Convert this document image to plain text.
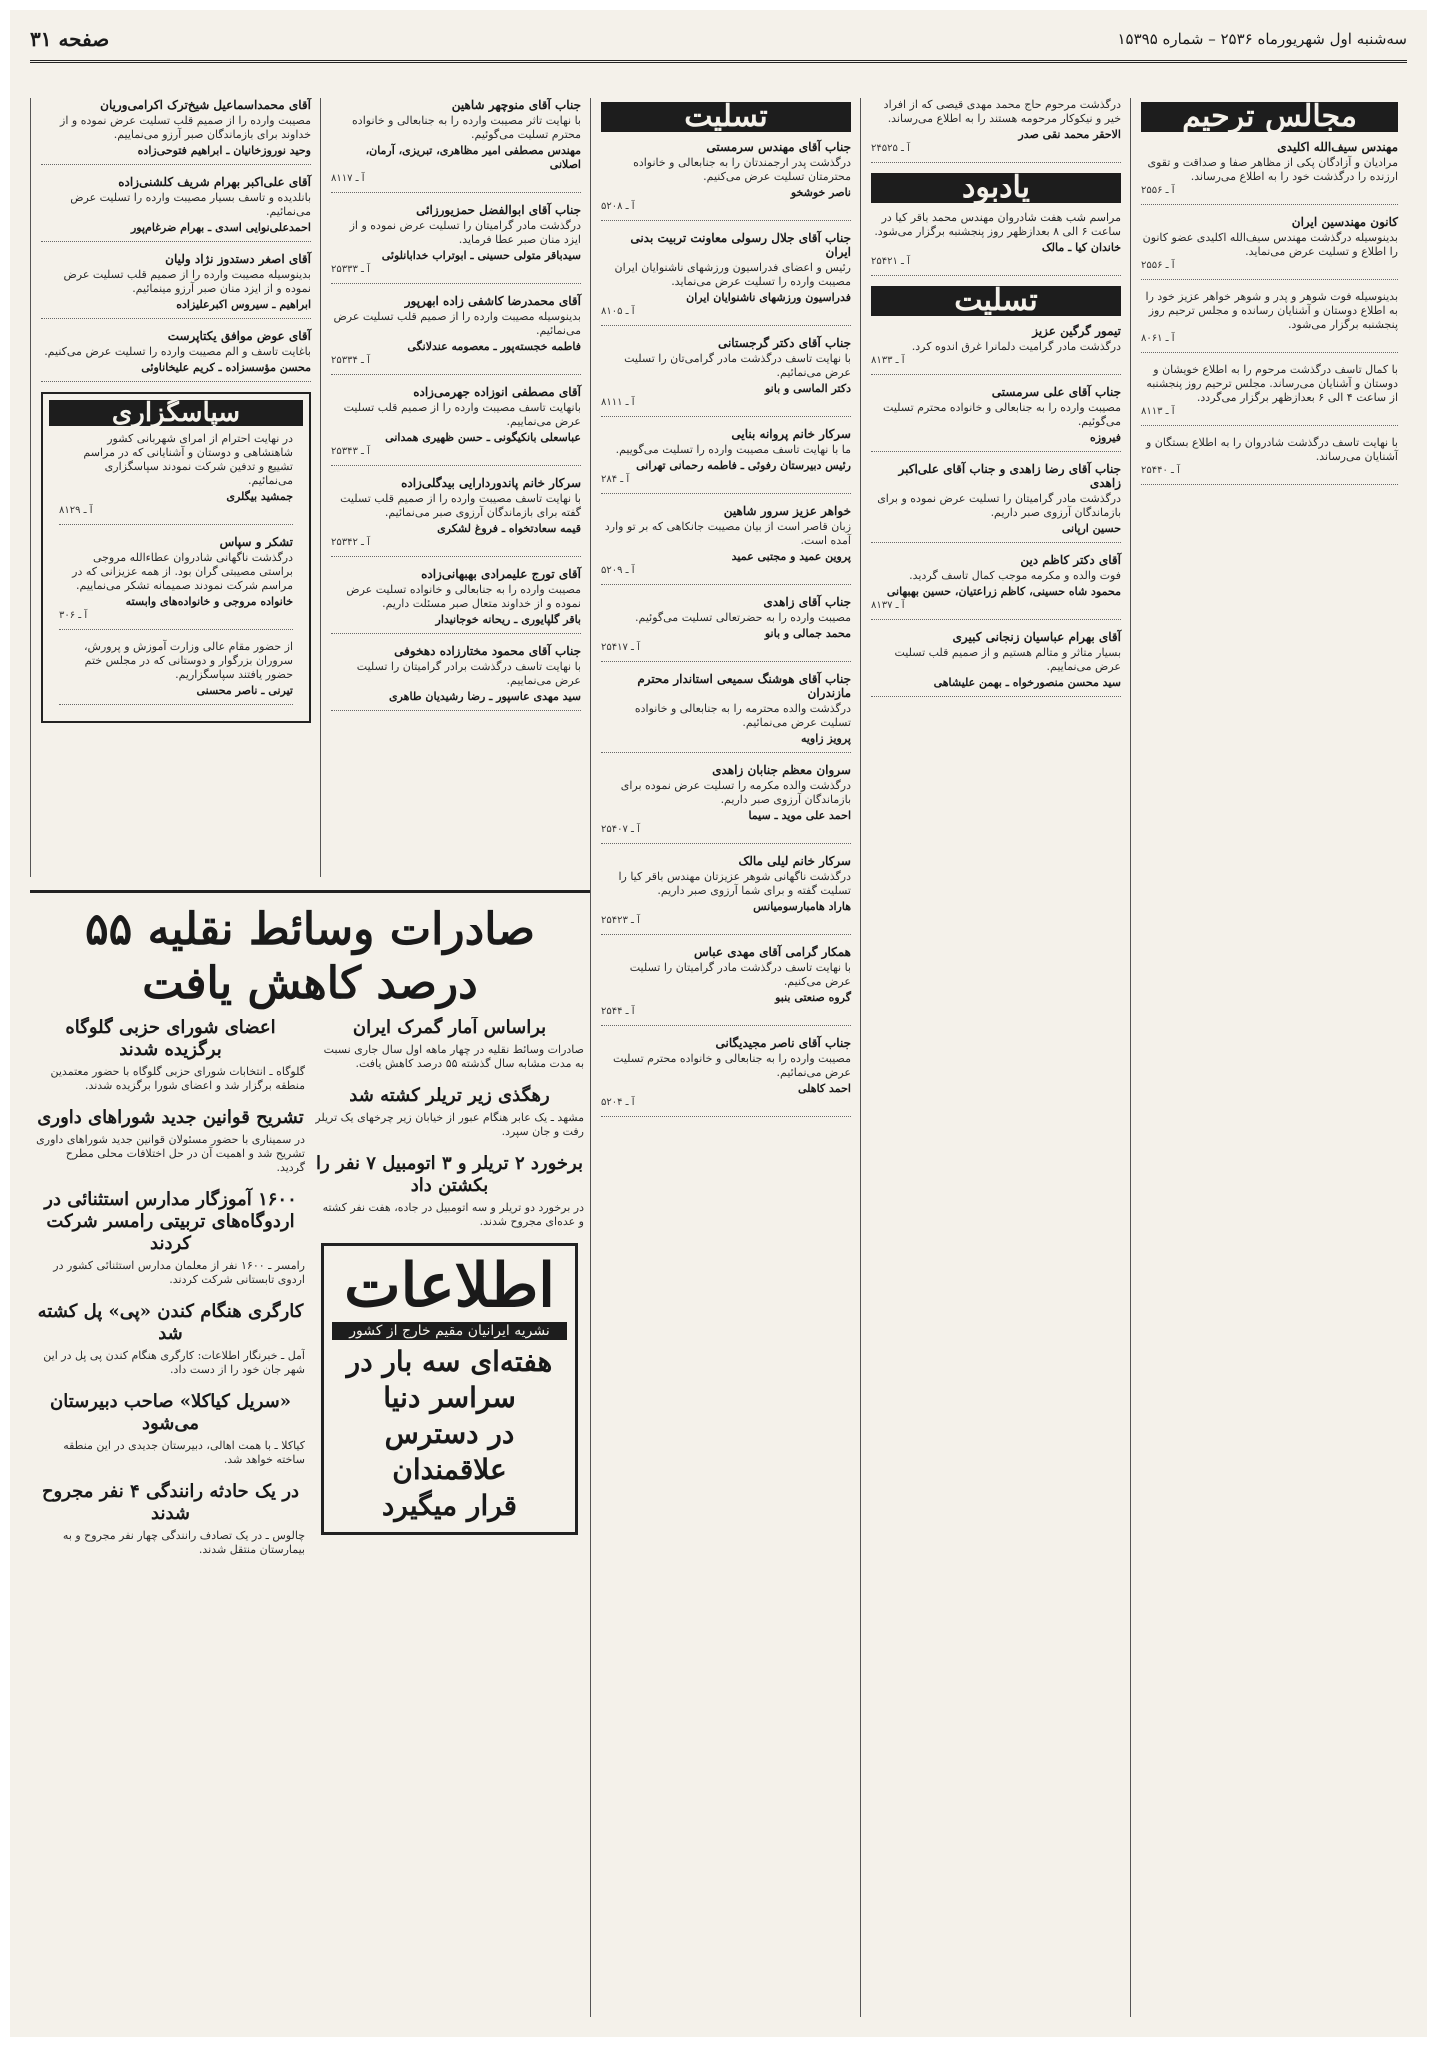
صفحه ۳۱	سه‌شنبه اول شهریورماه ۲۵۳۶ – شماره ۱۵۳۹۵
آقای محمداسماعیل شیخ‌ترک اکرامی‌وریان
مصیبت وارده را از صمیم قلب تسلیت عرض نموده و از خداوند برای بازماندگان صبر آرزو می‌نماییم.
وحید نوروزخانیان ـ ابراهیم فتوحی‌زاده
آقای علی‌اکبر بهرام شریف کلشنی‌زاده
بانلدیده و تاسف بسیار مصیبت وارده را تسلیت عرض می‌نمائیم.
احمدعلی‌نوایی اسدی ـ بهرام ضرغام‌پور
آقای اصغر دستدوز نژاد ولیان
بدینوسیله مصیبت وارده را از صمیم قلب تسلیت عرض نموده و از ایزد منان صبر آرزو مینمائیم.
ابراهیم ـ سیروس اکبرعلیزاده
آقای عوض موافق یکتاپرست
باغایت تاسف و الم مصیبت وارده را تسلیت عرض می‌کنیم.
محسن مؤسسزاده ـ کریم علیخاناوئی
سپاسگزاری
در نهایت احترام از امرای شهربانی کشور شاهنشاهی و دوستان و آشنایانی که در مراسم تشییع و تدفین شرکت نمودند سپاسگزاری می‌نمائیم.
جمشید بیگلری
آ ـ ۸۱۲۹
تشکر و سپاس
درگذشت ناگهانی شادروان عطاءالله مروجی براستی مصیبتی گران بود. از همه عزیزانی که در مراسم شرکت نمودند صمیمانه تشکر می‌نماییم.
خانواده مروجی و خانواده‌های وابسته
آ ـ ۳۰۶
از حضور مقام عالی وزارت آموزش و پرورش، سروران بزرگوار و دوستانی که در مجلس ختم حضور یافتند سپاسگزاریم.
تیرنی ـ ناصر محسنی
جناب آقای منوچهر شاهین
با نهایت تاثر مصیبت وارده را به جنابعالی و خانواده محترم تسلیت می‌گوئیم.
مهندس مصطفی امیر مظاهری، تبریزی، آرمان، اصلانی
آ ـ ۸۱۱۷
جناب آقای ابوالفضل حمزیورزائی
درگذشت مادر گرامیتان را تسلیت عرض نموده و از ایزد منان صبر عطا فرماید.
سیدباقر متولی حسینی ـ ابوتراب خدابانلوئی
آ ـ ۲۵۳۳۳
آقای محمدرضا کاشفی زاده ابهرپور
بدینوسیله مصیبت وارده را از صمیم قلب تسلیت عرض می‌نمائیم.
فاطمه خجسته‌پور ـ معصومه عندلانگی
آ ـ ۲۵۳۳۴
آقای مصطفی انوزاده جهرمی‌زاده
بانهایت تاسف مصیبت وارده را از صمیم قلب تسلیت عرض می‌نماییم.
عباسعلی بانکیگونی ـ حسن ظهیری همدانی
آ ـ ۲۵۳۴۳
سرکار خانم پاندوردارایی بیدگلی‌زاده
با نهایت تاسف مصیبت وارده را از صمیم قلب تسلیت گفته برای بازماندگان آرزوی صبر می‌نمائیم.
قیمه سعادتخواه ـ فروغ لشکری
آ ـ ۲۵۳۴۲
آقای تورج علیمرادی بهبهانی‌زاده
مصیبت وارده را به جنابعالی و خانواده تسلیت عرض نموده و از خداوند متعال صبر مسئلت داریم.
باقر گلپایوری ـ ریحانه خوجانیدار
جناب آقای محمود مختارزاده دهخوفی
با نهایت تاسف درگذشت برادر گرامیتان را تسلیت عرض می‌نماییم.
سید مهدی عاسپور ـ رضا رشیدیان طاهری
تسلیت
جناب آقای مهندس سرمستی
درگذشت پدر ارجمندتان را به جنابعالی و خانواده محترمتان تسلیت عرض می‌کنیم.
ناصر خوشخو
آ ـ ۵۲۰۸
جناب آقای جلال رسولی معاونت تربیت بدنی ایران
رئیس و اعضای فدراسیون ورزشهای ناشنوایان ایران مصیبت وارده را تسلیت عرض می‌نماید.
فدراسیون ورزشهای ناشنوایان ایران
آ ـ ۸۱۰۵
جناب آقای دکتر گرجستانی
با نهایت تاسف درگذشت مادر گرامی‌تان را تسلیت عرض می‌نمائیم.
دکتر الماسی و بانو
آ ـ ۸۱۱۱
سرکار خانم پروانه بنایی
ما با نهایت تاسف مصیبت وارده را تسلیت می‌گوییم.
رئیس دبیرستان رفوئی ـ فاطمه رحمانی تهرانی
آ ـ ۲۸۴
خواهر عزیز سرور شاهین
زبان قاصر است از بیان مصیبت جانکاهی که بر تو وارد آمده است.
پروین عمید و مجتبی عمید
آ ـ ۵۲۰۹
جناب آقای زاهدی
مصیبت وارده را به حضرتعالی تسلیت می‌گوئیم.
محمد جمالی و بانو
آ ـ ۲۵۴۱۷
جناب آقای هوشنگ سمیعی استاندار محترم مازندران
درگذشت والده محترمه را به جنابعالی و خانواده تسلیت عرض می‌نمائیم.
پرویز زاویه
سروان معظم جنابان زاهدی
درگذشت والده مکرمه را تسلیت عرض نموده برای بازماندگان آرزوی صبر داریم.
احمد علی موید ـ سیما
آ ـ ۲۵۴۰۷
سرکار خانم لیلی مالک
درگذشت ناگهانی شوهر عزیزتان مهندس باقر کیا را تسلیت گفته و برای شما آرزوی صبر داریم.
هاراد هامبارسومیانس
آ ـ ۲۵۴۲۳
همکار گرامی آقای مهدی عباس
با نهایت تاسف درگذشت مادر گرامیتان را تسلیت عرض می‌کنیم.
گروه صنعتی بنبو
آ ـ ۲۵۴۴
جناب آقای ناصر مجیدیگانی
مصیبت وارده را به جنابعالی و خانواده محترم تسلیت عرض می‌نمائیم.
احمد کاهلی
آ ـ ۵۲۰۴
درگذشت مرحوم حاج محمد مهدی قیصی که از افراد خیر و نیکوکار مرحومه هستند را به اطلاع می‌رساند.
الاحقر محمد نقی صدر
آ ـ ۲۴۵۲۵
یادبود
مراسم شب هفت شادروان مهندس محمد باقر کیا در ساعت ۶ الی ۸ بعدازظهر روز پنجشنبه برگزار می‌شود.
خاندان کیا ـ مالک
آ ـ ۲۵۴۲۱
تسلیت
تیمور گرگین عزیز
درگذشت مادر گرامیت دلمانرا غرق اندوه کرد.
آ ـ ۸۱۳۳
جناب آقای علی سرمستی
مصیبت وارده را به جنابعالی و خانواده محترم تسلیت می‌گوئیم.
فیروزه
جناب آقای رضا زاهدی و جناب آقای علی‌اکبر زاهدی
درگذشت مادر گرامیتان را تسلیت عرض نموده و برای بازماندگان آرزوی صبر داریم.
حسین ارپانی
آقای دکتر کاظم دین
فوت والده و مکرمه موجب کمال تاسف گردید.
محمود شاه حسینی، کاظم زراعتیان، حسین بهبهانی
آ ـ ۸۱۳۷
آقای بهرام عباسیان زنجانی کبیری
بسیار متاثر و متالم هستیم و از صمیم قلب تسلیت عرض می‌نماییم.
سید محسن منصورخواه ـ بهمن علیشاهی
مجالس ترحیم
مهندس سیف‌الله اکلیدی
مرادیان و آزادگان پکی از مظاهر صفا و صداقت و تقوی ارزنده را درگذشت خود را به اطلاع می‌رساند.
آ ـ ۲۵۵۶
کانون مهندسین ایران
بدینوسیله درگذشت مهندس سیف‌الله اکلیدی عضو کانون را اطلاع و تسلیت عرض می‌نماید.
آ ـ ۲۵۵۶
بدینوسیله فوت شوهر و پدر و شوهر خواهر عزیز خود را به اطلاع دوستان و آشنایان رسانده و مجلس ترحیم روز پنجشنبه برگزار می‌شود.
آ ـ ۸۰۶۱
با کمال تاسف درگذشت مرحوم را به اطلاع خویشان و دوستان و آشنایان می‌رساند. مجلس ترحیم روز پنجشنبه از ساعت ۴ الی ۶ بعدازظهر برگزار می‌گردد.
آ ـ ۸۱۱۳
با نهایت تاسف درگذشت شادروان را به اطلاع بستگان و آشنایان می‌رساند.
آ ـ ۲۵۴۴۰
صادرات وسائط نقلیه ۵۵ درصد کاهش یافت
براساس آمار گمرک ایران
صادرات وسائط نقلیه در چهار ماهه اول سال جاری نسبت به مدت مشابه سال گذشته ۵۵ درصد کاهش یافت.
رهگذی زیر تریلر کشته شد
مشهد ـ یک عابر هنگام عبور از خیابان زیر چرخهای یک تریلر رفت و جان سپرد.
برخورد ۲ تریلر و ۳ اتومبیل ۷ نفر را بکشتن داد
در برخورد دو تریلر و سه اتومبیل در جاده، هفت نفر کشته و عده‌ای مجروح شدند.
اطلاعات
نشریه ایرانیان مقیم خارج از کشور
هفته‌ای سه بار در سراسر دنیا
در دسترس علاقمندان
قرار میگیرد
اعضای شورای حزبی گلوگاه برگزیده شدند
گلوگاه ـ انتخابات شورای حزبی گلوگاه با حضور معتمدین منطقه برگزار شد و اعضای شورا برگزیده شدند.
تشریح قوانین جدید شوراهای داوری
در سمیناری با حضور مسئولان قوانین جدید شوراهای داوری تشریح شد و اهمیت آن در حل اختلافات محلی مطرح گردید.
۱۶۰۰ آموزگار مدارس استثنائی در اردوگاه‌های تربیتی رامسر شرکت کردند
رامسر ـ ۱۶۰۰ نفر از معلمان مدارس استثنائی کشور در اردوی تابستانی شرکت کردند.
کارگری هنگام کندن «پی» پل کشته شد
آمل ـ خبرنگار اطلاعات: کارگری هنگام کندن پی پل در این شهر جان خود را از دست داد.
«سریل کیاکلا» صاحب دبیرستان می‌شود
کیاکلا ـ با همت اهالی، دبیرستان جدیدی در این منطقه ساخته خواهد شد.
در یک حادثه رانندگی ۴ نفر مجروح شدند
چالوس ـ در یک تصادف رانندگی چهار نفر مجروح و به بیمارستان منتقل شدند.
